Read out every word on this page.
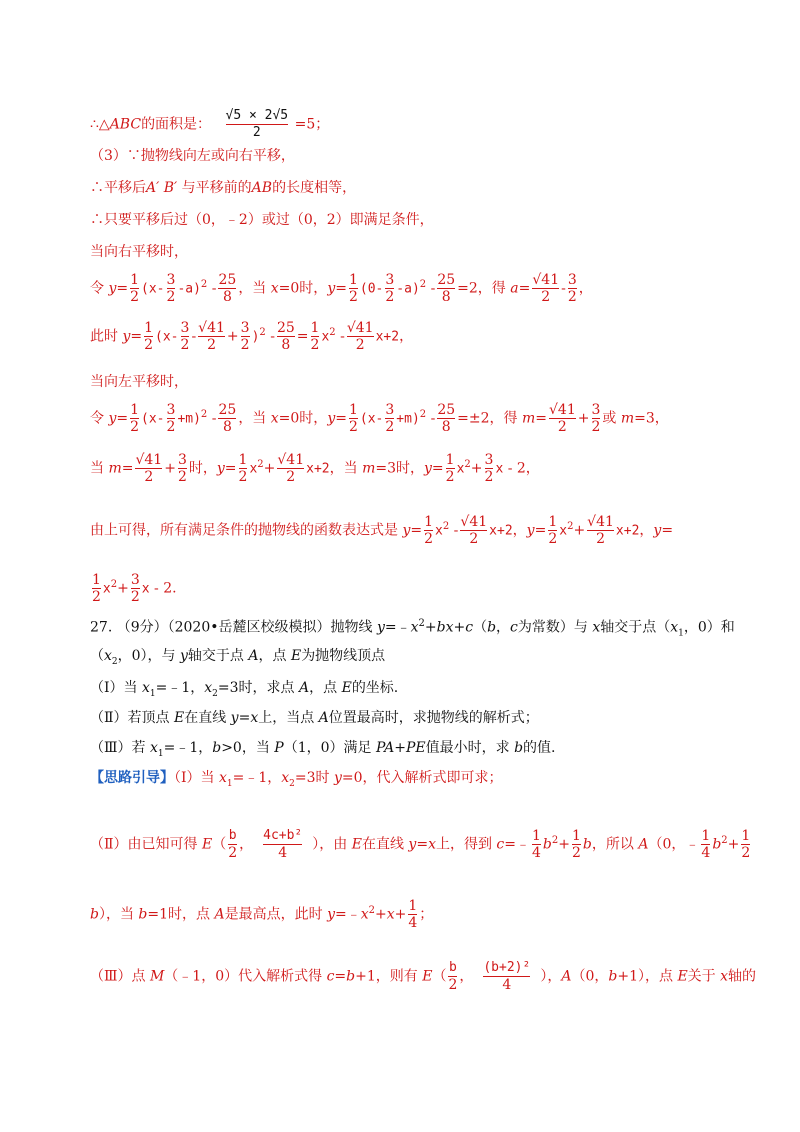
∴△ABC的面积是： $\frac{√5 \times 2√5}{2} =5$；
（3）∵抛物线向左或向右平移，
∴平移后A′ B′ 与平移前的AB的长度相等，
∴只要平移后过（0，﹣2）或过（0，2）即满足条件，
当向右平移时，
令 $y= \frac{1}{2} (x- \frac{3}{2} -a)^2 - \frac{25}{8}$ ，当 x=0时，$y= \frac{1}{2} (0- \frac{3}{2} -a)^2 - \frac{25}{8} =2$，得 $a= \frac{√41}{2} - \frac{3}{2}$ ，
此时 $y= \frac{1}{2} (x- \frac{3}{2} - \frac{√41}{2} + \frac{3}{2} )^2 - \frac{25}{8} = \frac{1}{2} x^2 - \frac{√41}{2} x+2$，
当向左平移时，
令 $y= \frac{1}{2} (x- \frac{3}{2} +m)^2 - \frac{25}{8}$ ，当 x=0时，$y= \frac{1}{2} (x- \frac{3}{2} +m)^2 - \frac{25}{8} =\pm 2$，得 $m= \frac{√41}{2} + \frac{3}{2}$ 或 m=3，
当 $m= \frac{√41}{2} + \frac{3}{2}$ 时，$y= \frac{1}{2} x^2+ \frac{√41}{2} x+2$，当 m=3时，$y= \frac{1}{2} x^2+ \frac{3}{2}$ x - 2，
由上可得，所有满足条件的抛物线的函数表达式是 $y= \frac{1}{2} x^2 - \frac{√41}{2} x+2$，$y= \frac{1}{2} x^2+ \frac{√41}{2} x+2$，y=
$\frac{1}{2} x^2+ \frac{3}{2}$ x - 2.
27. （9分）（2020•岳麓区校级模拟）抛物线 $y=﹣x^2+bx+c(b$，c为常数）与 x轴交于点（$x_1$，0）和
（$x_2$，0），与 y轴交于点 A，点 E为抛物线顶点
（Ⅰ）当 $x_1=﹣1$，$x_2=3$时，求点 A，点 E的坐标.
（Ⅱ）若顶点 E在直线 y=x上，当点 A位置最高时，求抛物线的解析式；
（Ⅲ）若 $x_1=﹣1$，b>0，当 P（1，0）满足 PA+PE值最小时，求 b的值.
【思路引导】（Ⅰ）当 $x_1=﹣1$，$x_2=3$时 y=0，代入解析式即可求；
（Ⅱ）由已知可得 $E( \frac{b}{2}$ ， $\frac{\text{4c+b²}}{4}$ ），由 E在直线 y=x上，得到 c=﹣ $\frac{1}{4} b^2+ \frac{1}{2}$ b，所以 A（0，﹣ $\frac{1}{4} b^2+ \frac{1}{2}$
b），当 b=1时，点 A是最高点，此时 $y=﹣x^2+x+ \frac{1}{4}$ ；
（Ⅲ）点 M（﹣1，0）代入解析式得 c=b+1，则有 $E( \frac{b}{2}$ ， $\frac{\text{(b+2)²}}{4}$ ），A（0，b+1），点 E关于 x轴的
